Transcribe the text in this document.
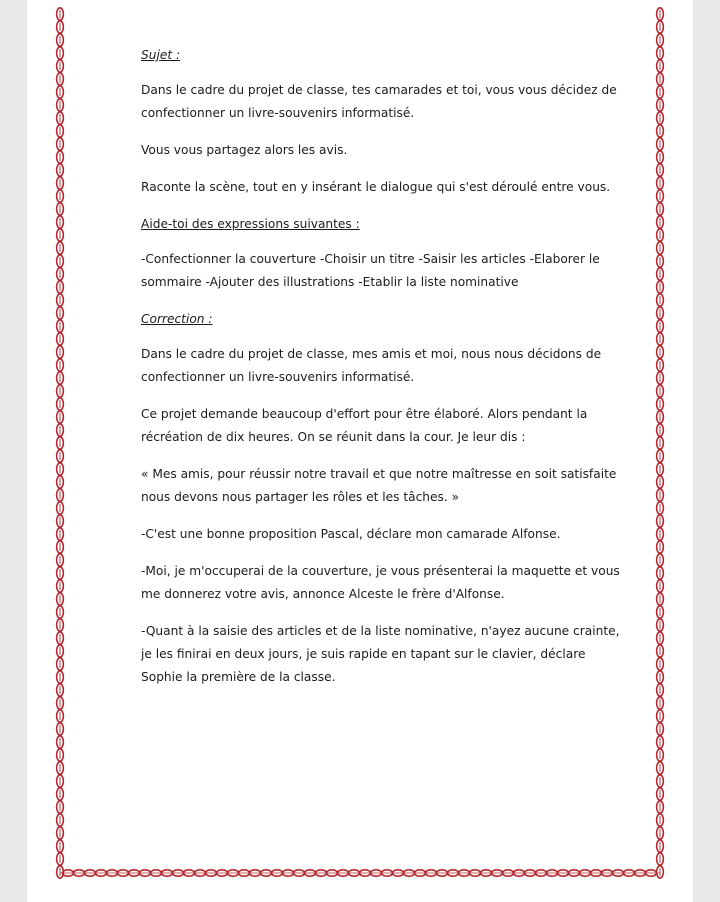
Sujet :

Dans le cadre du projet de classe, tes camarades et toi, vous vous décidez de confectionner un livre-souvenirs informatisé.

Vous vous partagez alors les avis.

Raconte la scène, tout en y insérant le dialogue qui s'est déroulé entre vous.

Aide-toi des expressions suivantes :

-Confectionner la couverture -Choisir un titre -Saisir les articles -Elaborer le sommaire -Ajouter des illustrations -Etablir la liste nominative

Correction :

Dans le cadre du projet de classe, mes amis et moi, nous nous décidons de confectionner un livre-souvenirs informatisé.

Ce projet demande beaucoup d'effort pour être élaboré. Alors pendant la récréation de dix heures. On se réunit dans la cour. Je leur dis :

« Mes amis, pour réussir notre travail et que notre maîtresse en soit satisfaite nous devons nous partager les rôles et les tâches. »

-C'est une bonne proposition Pascal, déclare mon camarade Alfonse.

-Moi, je m'occuperai de la couverture, je vous présenterai la maquette et vous me donnerez votre avis, annonce Alceste le frère d'Alfonse.

-Quant à la saisie des articles et de la liste nominative, n'ayez aucune crainte, je les finirai en deux jours, je suis rapide en tapant sur le clavier, déclare Sophie la première de la classe.
